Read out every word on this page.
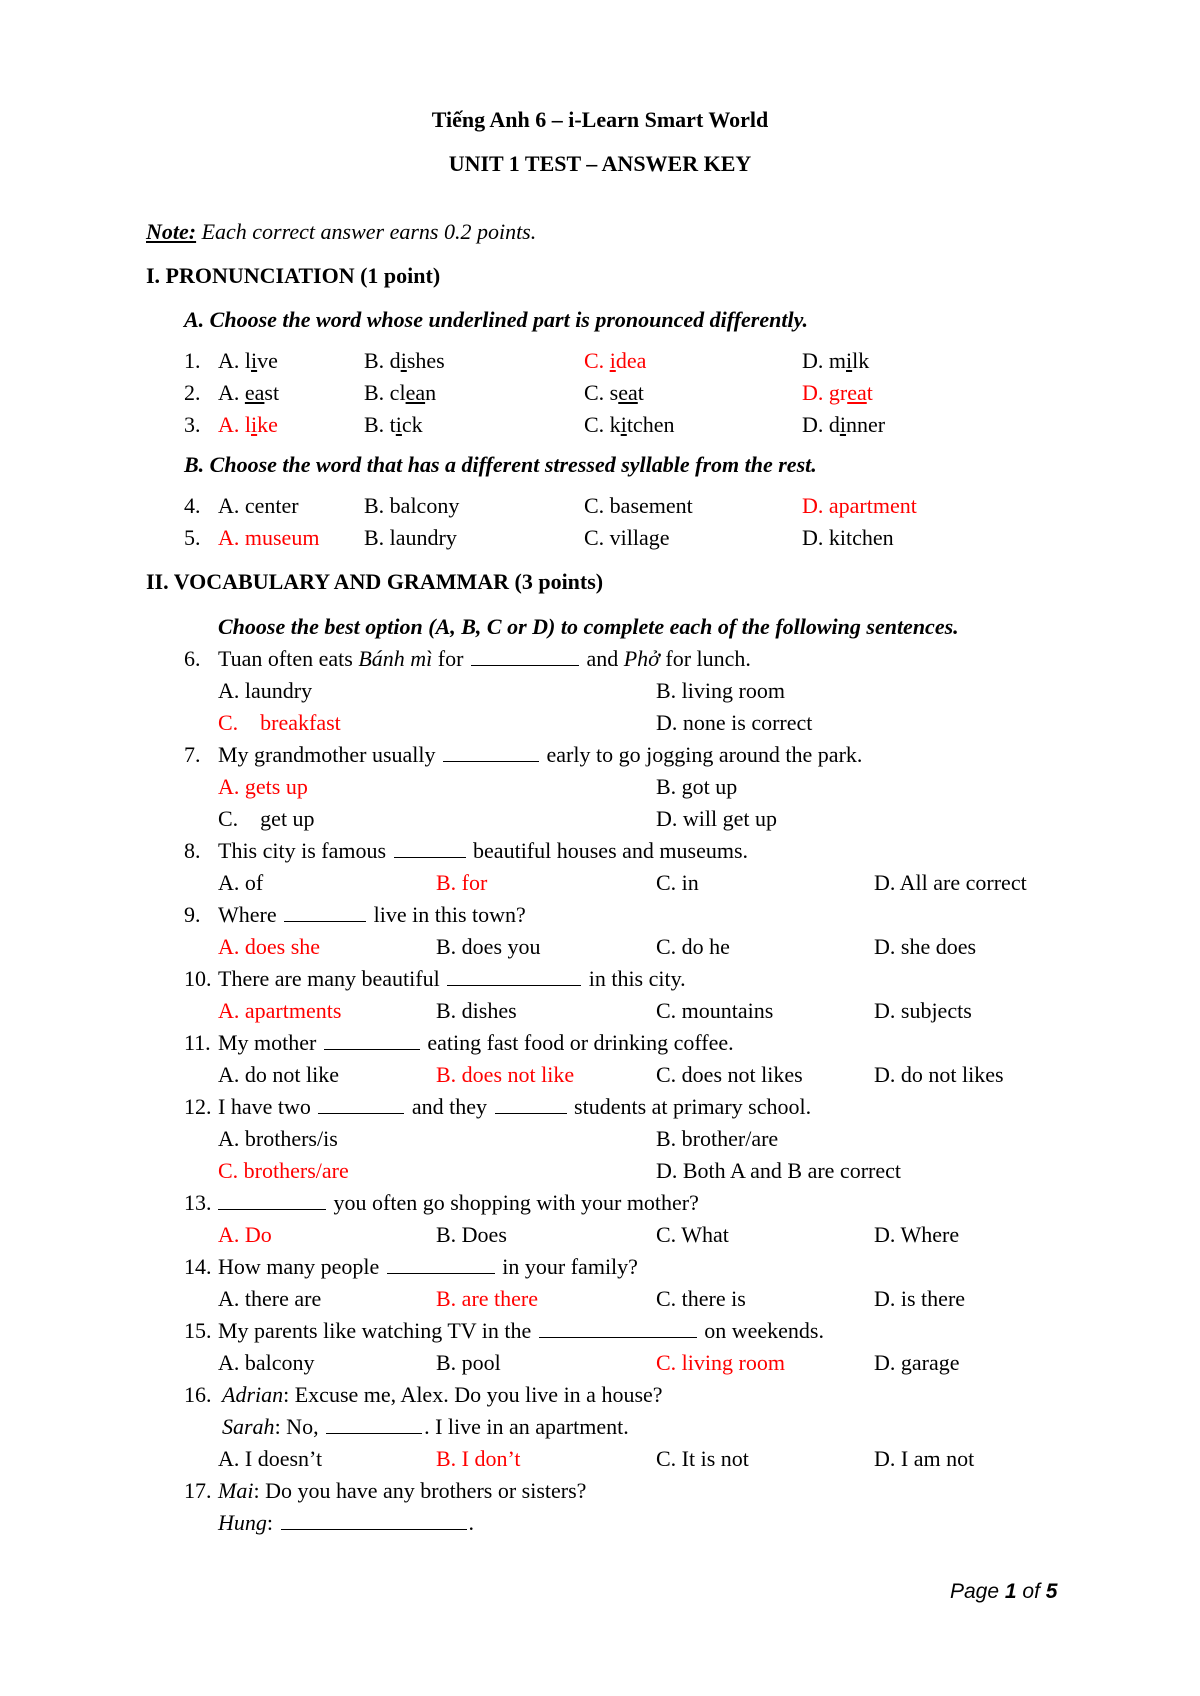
Tiếng Anh 6 – i-Learn Smart World
UNIT 1 TEST – ANSWER KEY
Note: Each correct answer earns 0.2 points.
I. PRONUNCIATION (1 point)
A. Choose the word whose underlined part is pronounced differently.
1. A. live	B. dishes	C. idea	D. milk
2. A. east	B. clean	C. seat	D. great
3. A. like	B. tick	C. kitchen	D. dinner
B. Choose the word that has a different stressed syllable from the rest.
4. A. center	B. balcony	C. basement	D. apartment
5. A. museum B. laundry	C. village	D. kitchen
II. VOCABULARY AND GRAMMAR (3 points)
Choose the best option (A, B, C or D) to complete each of the following sentences.
6. Tuan often eats Bánh mì for	and Phở for lunch.
A. laundry	B. living room
C.    breakfast	D. none is correct
7. My grandmother usually	early to go jogging around the park.
A. gets up	B. got up
C.    get up	D. will get up
8. This city is famous	beautiful houses and museums.
A. of	B. for	C. in	D. All are correct
9. Where	live in this town?
A. does she	B. does you	C. do he	D. she does
10. There are many beautiful	in this city.
A. apartments	B. dishes	C. mountains	D. subjects
11. My mother	eating fast food or drinking coffee.
A. do not like	B. does not like	C. does not likes	D. do not likes
12. I have two	and they	students at primary school.
A. brothers/is	B. brother/are
C. brothers/are	D. Both A and B are correct
13.	you often go shopping with your mother?
A. Do	B. Does	C. What	D. Where
14. How many people	in your family?
A. there are	B. are there	C. there is	D. is there
15. My parents like watching TV in the	on weekends.
A. balcony	B. pool	C. living room	D. garage
16. Adrian: Excuse me, Alex. Do you live in a house?
Sarah: No,	. I live in an apartment.
A. I doesn’t	B. I don’t	C. It is not	D. I am not
17. Mai: Do you have any brothers or sisters?
Hung:	.
Page 1 of 5
